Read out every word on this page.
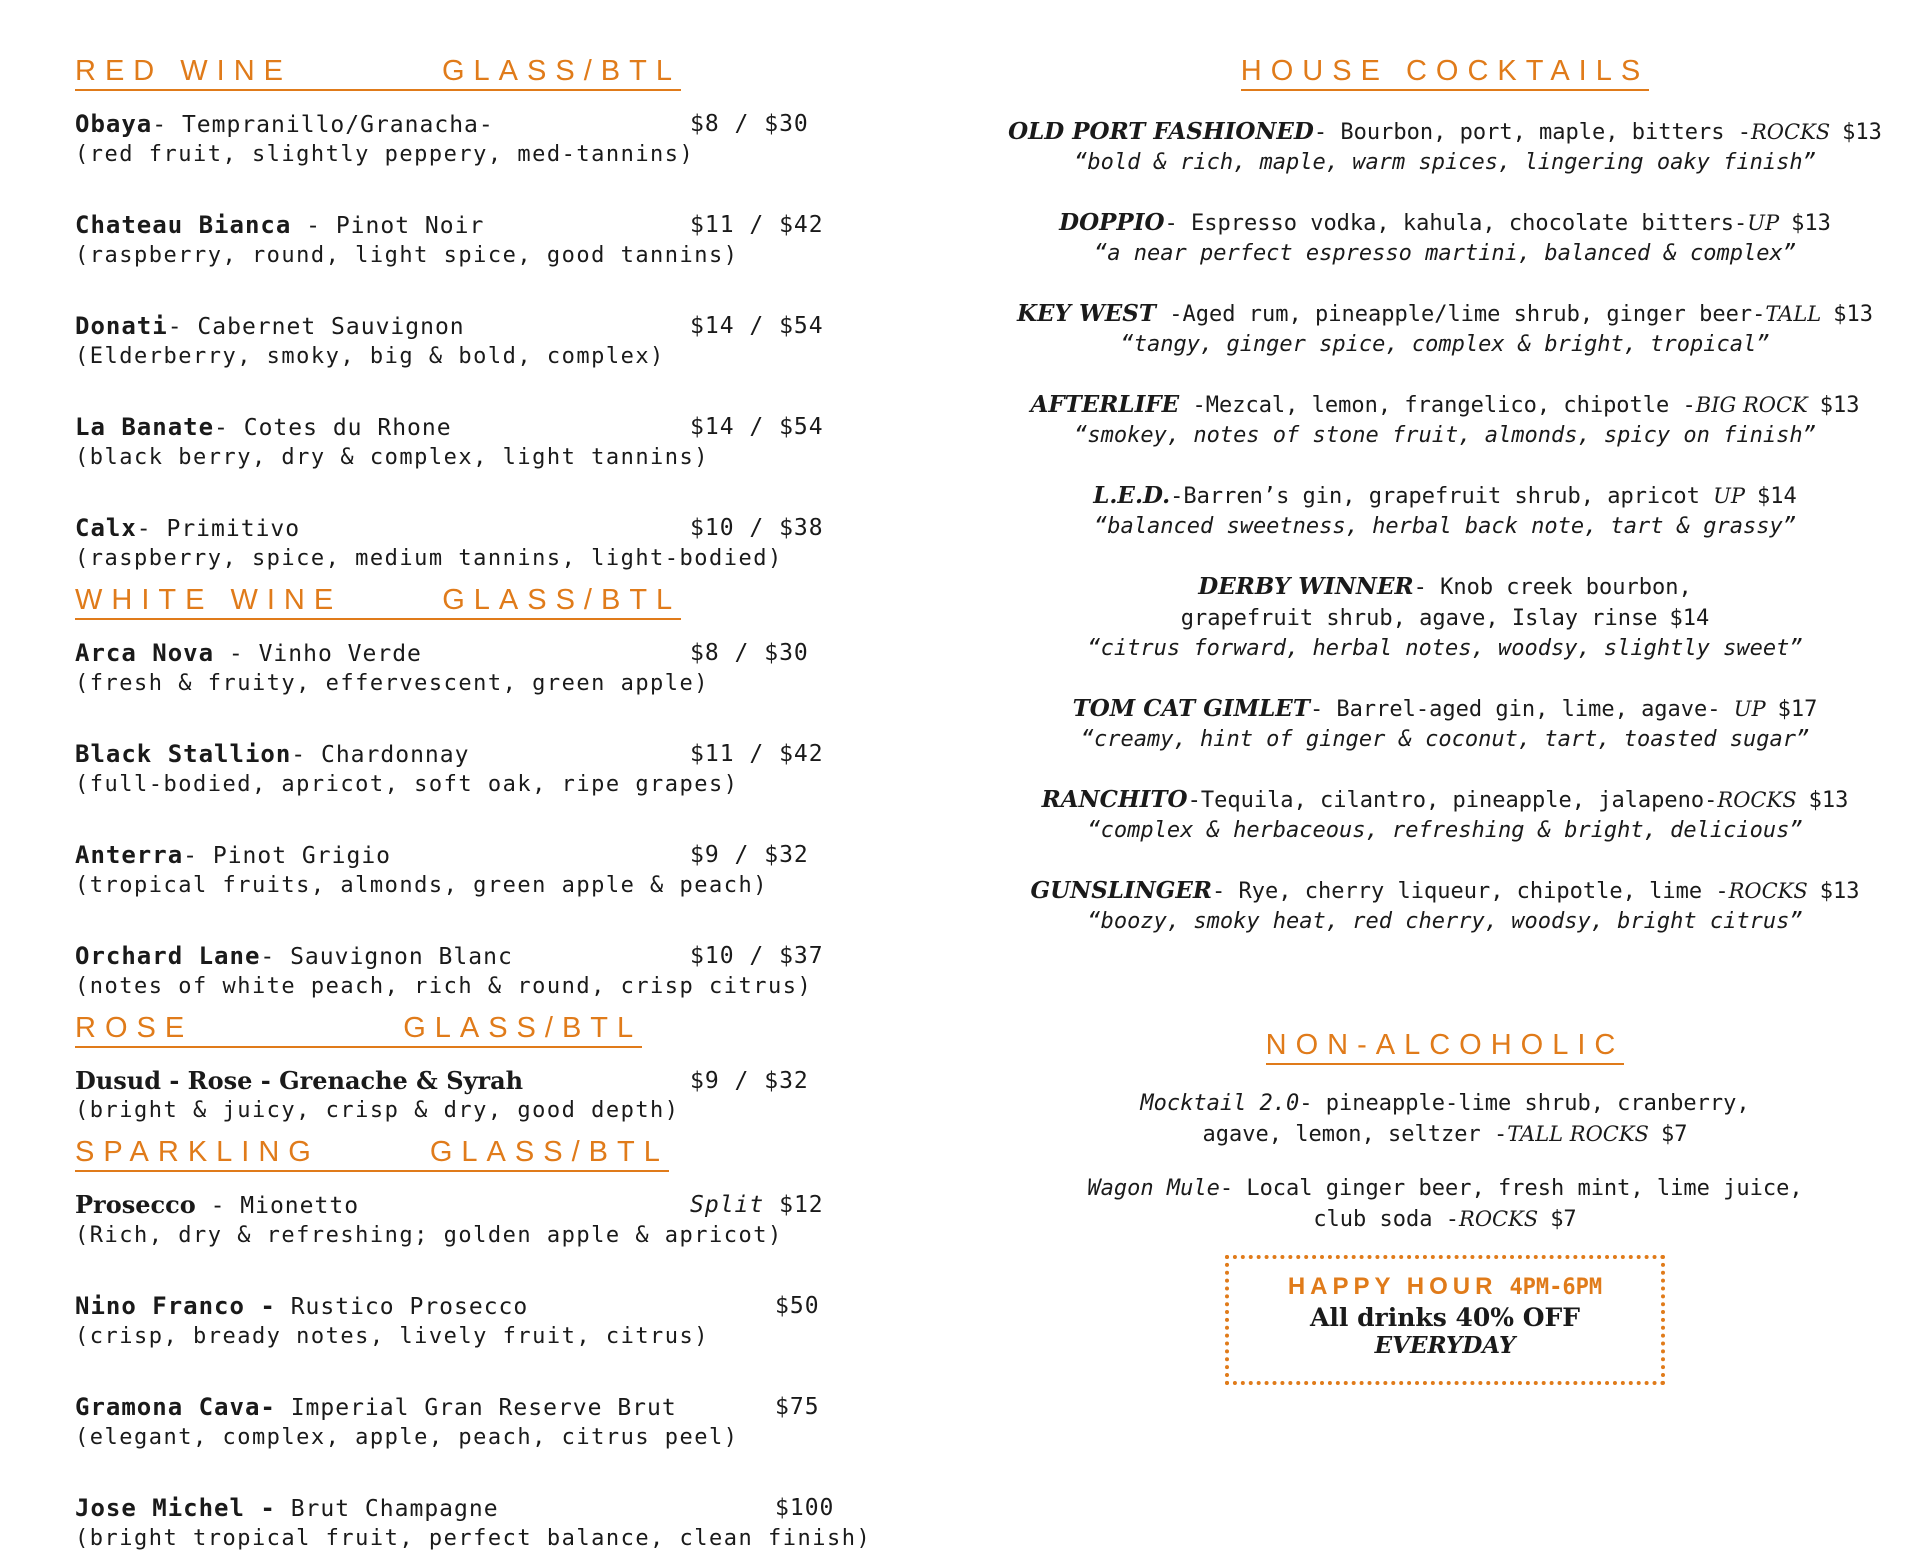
RED WINE	GLASS/BTL
Obaya- Tempranillo/Granacha-	$8 / $30
(red fruit, slightly peppery, med-tannins)
Chateau Bianca - Pinot Noir	$11 / $42
(raspberry, round, light spice, good tannins)
Donati- Cabernet Sauvignon	$14 / $54
(Elderberry, smoky, big & bold, complex)
La Banate- Cotes du Rhone	$14 / $54
(black berry, dry & complex, light tannins)
Calx- Primitivo	$10 / $38
(raspberry, spice, medium tannins, light-bodied)
WHITE WINE	GLASS/BTL
Arca Nova - Vinho Verde	$8 / $30
(fresh & fruity, effervescent, green apple)
Black Stallion- Chardonnay	$11 / $42
(full-bodied, apricot, soft oak, ripe grapes)
Anterra- Pinot Grigio	$9 / $32
(tropical fruits, almonds, green apple & peach)
Orchard Lane- Sauvignon Blanc	$10 / $37
(notes of white peach, rich & round, crisp citrus)
ROSE	GLASS/BTL
Dusud - Rose - Grenache & Syrah	$9 / $32
(bright & juicy, crisp & dry, good depth)
SPARKLING	GLASS/BTL
Prosecco - Mionetto	Split $12
(Rich, dry & refreshing; golden apple & apricot)
Nino Franco - Rustico Prosecco	$50
(crisp, bready notes, lively fruit, citrus)
Gramona Cava- Imperial Gran Reserve Brut	$75
(elegant, complex, apple, peach, citrus peel)
Jose Michel - Brut Champagne	$100
(bright tropical fruit, perfect balance, clean finish)
HOUSE COCKTAILS
OLD PORT FASHIONED- Bourbon, port, maple, bitters -ROCKS $13
“bold & rich, maple, warm spices, lingering oaky finish”
DOPPIO- Espresso vodka, kahula, chocolate bitters-UP $13
“a near perfect espresso martini, balanced & complex”
KEY WEST -Aged rum, pineapple/lime shrub, ginger beer-TALL $13
“tangy, ginger spice, complex & bright, tropical”
AFTERLIFE -Mezcal, lemon, frangelico, chipotle -BIG ROCK $13
“smokey, notes of stone fruit, almonds, spicy on finish”
L.E.D.-Barren’s gin, grapefruit shrub, apricot UP $14
“balanced sweetness, herbal back note, tart & grassy”
DERBY WINNER- Knob creek bourbon, grapefruit shrub, agave, Islay rinse $14
“citrus forward, herbal notes, woodsy, slightly sweet”
TOM CAT GIMLET- Barrel-aged gin, lime, agave- UP $17
“creamy, hint of ginger & coconut, tart, toasted sugar”
RANCHITO-Tequila, cilantro, pineapple, jalapeno-ROCKS $13
“complex & herbaceous, refreshing & bright, delicious”
GUNSLINGER- Rye, cherry liqueur, chipotle, lime -ROCKS $13
“boozy, smoky heat, red cherry, woodsy, bright citrus”
NON-ALCOHOLIC
Mocktail 2.0- pineapple-lime shrub, cranberry, agave, lemon, seltzer -TALL ROCKS $7
Wagon Mule- Local ginger beer, fresh mint, lime juice, club soda -ROCKS $7
HAPPY HOUR 4PM-6PM
All drinks 40% OFF
EVERYDAY
